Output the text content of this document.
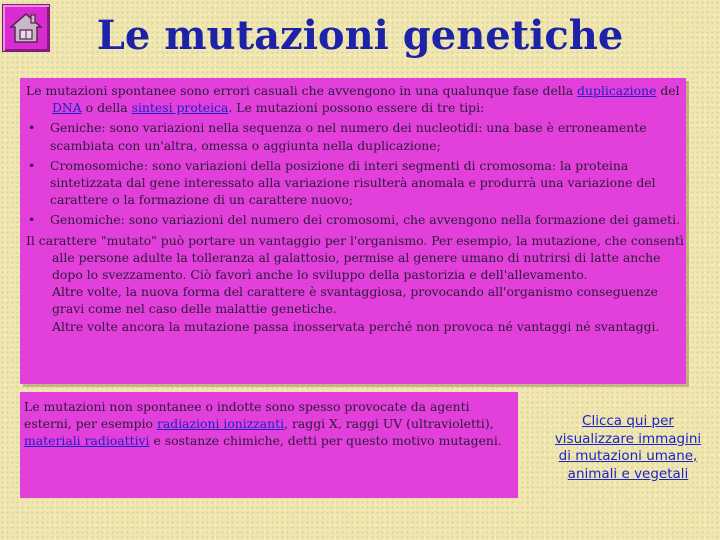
Le mutazioni genetiche

Le mutazioni spontanee sono errori casuali che avvengono in una qualunque fase della duplicazione del DNA o della sintesi proteica. Le mutazioni possono essere di tre tipi:

•	Geniche: sono variazioni nella sequenza o nel numero dei nucleotidi: una base è erroneamente scambiata con un'altra, omessa o aggiunta nella duplicazione;
•	Cromosomiche: sono variazioni della posizione di interi segmenti di cromosoma: la proteina sintetizzata dal gene interessato alla variazione risulterà anomala e produrrà una variazione del carattere o la formazione di un carattere nuovo;
•	Genomiche: sono variazioni del numero dei cromosomi, che avvengono nella formazione dei gameti.

Il carattere "mutato" può portare un vantaggio per l'organismo. Per esempio, la mutazione, che consentì alle persone adulte la tolleranza al galattosio, permise al genere umano di nutrirsi di latte anche dopo lo svezzamento. Ciò favorì anche lo sviluppo della pastorizia e dell'allevamento.

Altre volte, la nuova forma del carattere è svantaggiosa, provocando all'organismo conseguenze gravi come nel caso delle malattie genetiche.

Altre volte ancora la mutazione passa inosservata perché non provoca né vantaggi né svantaggi.

Le mutazioni non spontanee o indotte sono spesso provocate da agenti esterni, per esempio radiazioni ionizzanti, raggi X, raggi UV (ultravioletti), materiali radioattivi e sostanze chimiche, detti per questo motivo mutageni.

Clicca qui per visualizzare immagini di mutazioni umane, animali e vegetali
